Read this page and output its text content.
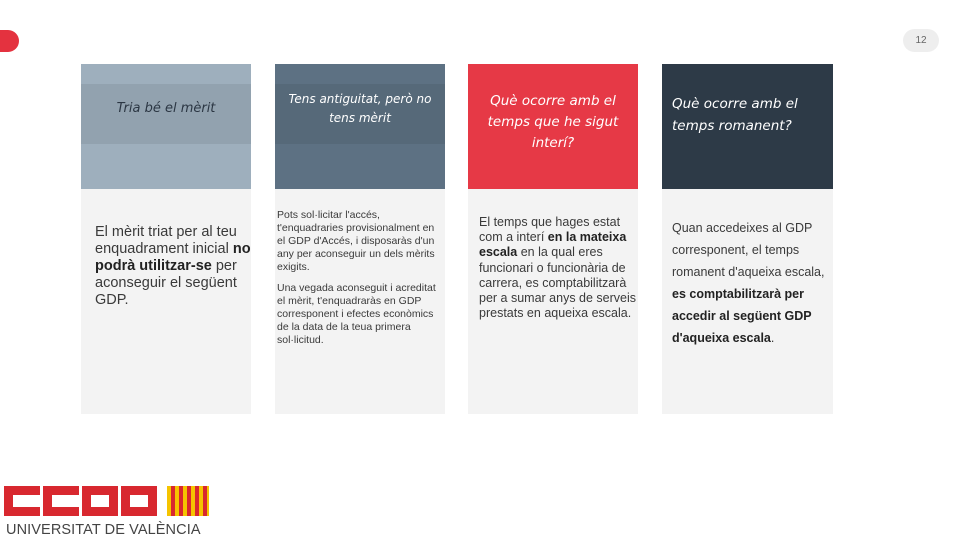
12
Tria bé el mèrit
El mèrit triat per al teu enquadrament inicial no podrà utilitzar-se per aconseguir el següent GDP.
Tens antiguitat, però no tens mèrit

Pots sol·licitar l'accés, t'enquadraries provisionalment en el GDP d'Accés, i disposaràs d'un any per aconseguir un dels mèrits exigits.

Una vegada aconseguit i acreditat el mèrit, t'enquadraràs en GDP corresponent i efectes econòmics de la data de la teua primera sol·licitud.

Què ocorre amb el temps que he sigut interí?
El temps que hages estat com a interí en la mateixa escala en la qual eres funcionari o funcionària de carrera, es comptabilitzarà per a sumar anys de serveis prestats en aqueixa escala.
Què ocorre amb el temps romanent?
Quan accedeixes al GDP corresponent, el temps romanent d'aqueixa escala, es comptabilitzarà per accedir al següent GDP d'aqueixa escala.
UNIVERSITAT DE VALÈNCIA
